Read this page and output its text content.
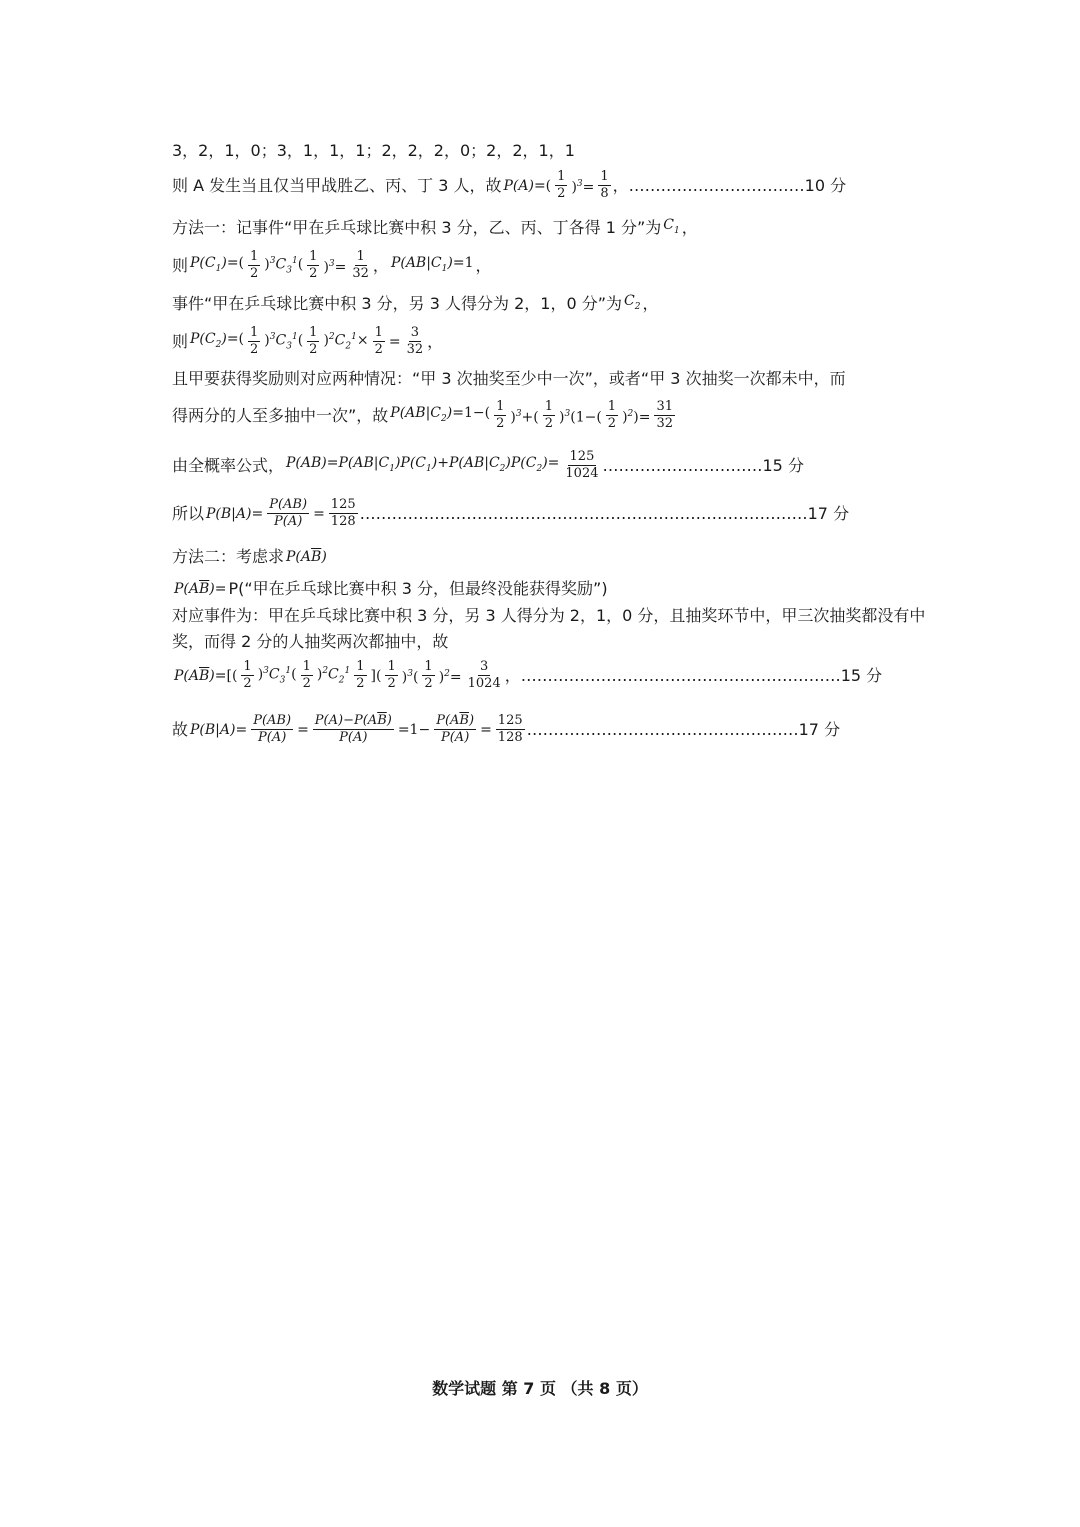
3，2，1，0；3，1，1，1；2，2，2，0；2，2，1，1
则 A 发生当且仅当甲战胜乙、丙、丁 3 人，故 $P(A)=( \frac{1}{2} )^3= \frac{1}{8}$ ，…………………………… 10 分
方法一：记事件“甲在乒乓球比赛中积 3 分，乙、丙、丁各得 1 分”为 $C_1$ ，
则 $P(C_1)=( \frac{1}{2} )^3C_3^1( \frac{1}{2} )^3= \frac{1}{32}$ ， $P(AB|C_1)=1$ ，
事件“甲在乒乓球比赛中积 3 分，另 3 人得分为 2，1，0 分”为 $C_2$ ，
则 $P(C_2)=( \frac{1}{2} )^3C_3^1( \frac{1}{2} )^2C_2^1\times \frac{1}{2} = \frac{3}{32}$ ，
且甲要获得奖励则对应两种情况：“甲 3 次抽奖至少中一次”，或者“甲 3 次抽奖一次都未中，而
得两分的人至多抽中一次”，故 $P(AB|C_2)=1-( \frac{1}{2} )^3+( \frac{1}{2} )^3(1-( \frac{1}{2} )^2)= \frac{31}{32}$
由全概率公式， $P(AB)=P(AB|C_1)P(C_1)+P(AB|C_2)P(C_2)= \frac{125}{1024}$ ………………………… 15 分
所以 $P(B|A)= \frac{P(AB)}{P(A)} = \frac{125}{128}$ ………………………………………………………………………… 17 分
方法二：考虑求 $P(A\overline{B})$
$P(A\overline{B})=$ P(“甲在乒乓球比赛中积 3 分，但最终没能获得奖励”)
对应事件为：甲在乒乓球比赛中积 3 分，另 3 人得分为 2，1，0 分，且抽奖环节中，甲三次抽奖都没有中奖，而得 2 分的人抽奖两次都抽中，故
$P(A\overline{B})=[( \frac{1}{2} )^3C_3^1( \frac{1}{2} )^2C_2^1 \frac{1}{2}$ ]( $\frac{1}{2} )^3( \frac{1}{2} )^2= \frac{3}{1024}$ ，…………………………………………………… 15 分
故 $P(B|A)= \frac{P(AB)}{P(A)} = \frac{P(A)-P(A\overline{B})}{P(A)} =1- \frac{P(A\overline{B})}{P(A)} = \frac{125}{128}$ …………………………………………… 17 分
数学试题 第 7 页 （共 8 页）
